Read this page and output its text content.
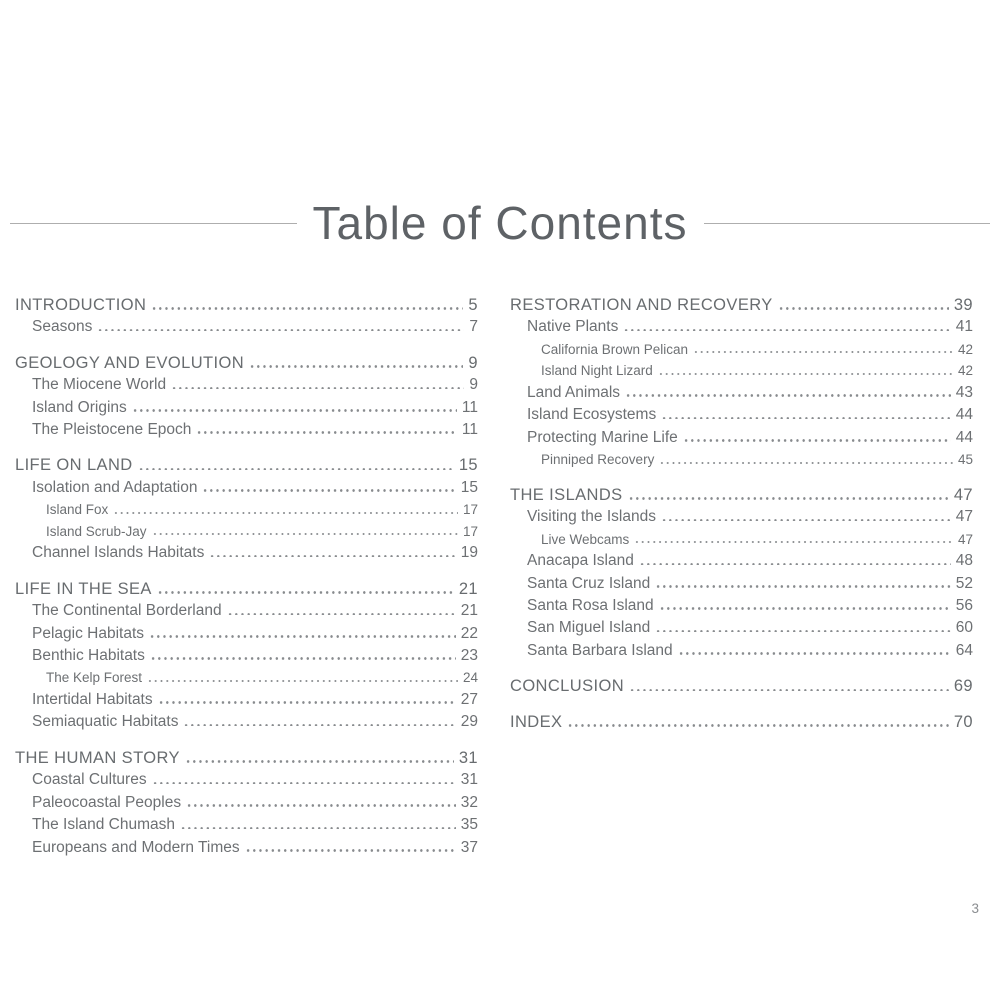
Table of Contents
INTRODUCTION	5
Seasons	7
GEOLOGY AND EVOLUTION	9
The Miocene World	9
Island Origins	11
The Pleistocene Epoch	11
LIFE ON LAND	15
Isolation and Adaptation	15
Island Fox	17
Island Scrub-Jay	17
Channel Islands Habitats	19
LIFE IN THE SEA	21
The Continental Borderland	21
Pelagic Habitats	22
Benthic Habitats	23
The Kelp Forest	24
Intertidal Habitats	27
Semiaquatic Habitats	29
THE HUMAN STORY	31
Coastal Cultures	31
Paleocoastal Peoples	32
The Island Chumash	35
Europeans and Modern Times	37
RESTORATION AND RECOVERY	39
Native Plants	41
California Brown Pelican	42
Island Night Lizard	42
Land Animals	43
Island Ecosystems	44
Protecting Marine Life	44
Pinniped Recovery	45
THE ISLANDS	47
Visiting the Islands	47
Live Webcams	47
Anacapa Island	48
Santa Cruz Island	52
Santa Rosa Island	56
San Miguel Island	60
Santa Barbara Island	64
CONCLUSION	69
INDEX	70
3
